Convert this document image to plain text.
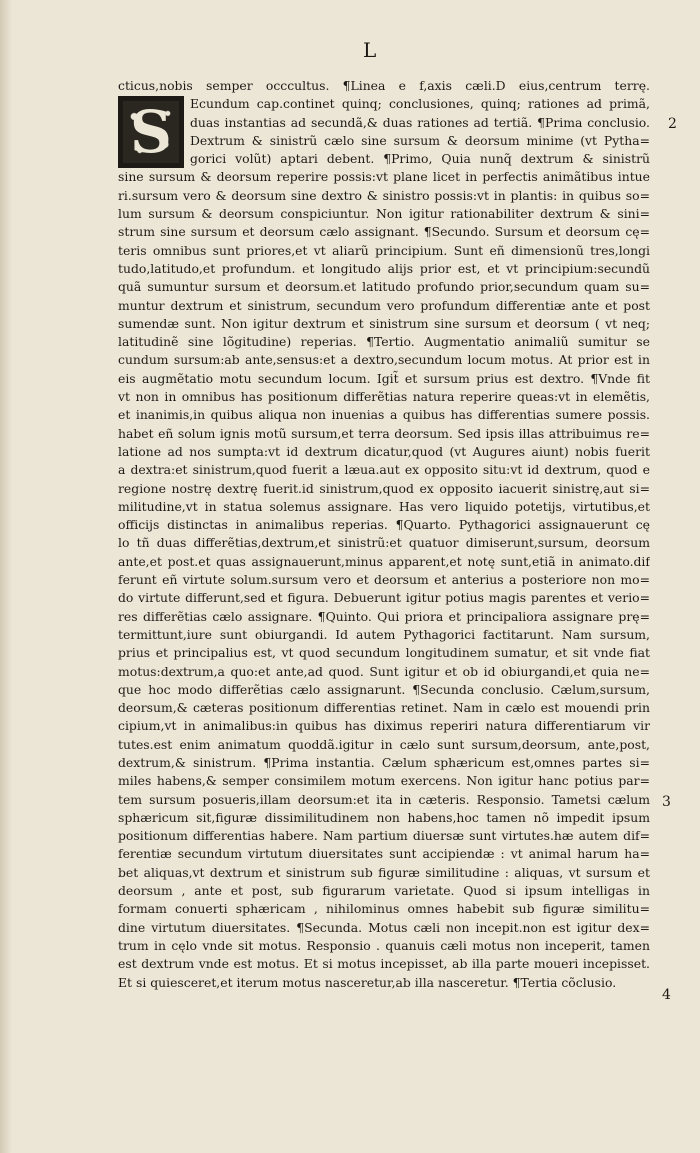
L
S
cticus,nobis semper occcultus. ¶Linea e f,axis cæli.D eius,centrum terrę.
Ecundum cap.continet quinq; conclusiones, quinq; rationes ad primã,
duas instantias ad secundã,& duas rationes ad tertiã. ¶Prima conclusio.
Dextrum & sinistrũ cælo sine sursum & deorsum minime (vt Pytha=
gorici volũt) aptari debent. ¶Primo, Quia nunq̃ dextrum & sinistrũ
sine sursum & deorsum reperire possis:vt plane licet in perfectis animãtibus intue
ri.sursum vero & deorsum sine dextro & sinistro possis:vt in plantis: in quibus so=
lum sursum & deorsum conspiciuntur. Non igitur rationabiliter dextrum & sini=
strum sine sursum et deorsum cælo assignant. ¶Secundo. Sursum et deorsum cę=
teris omnibus sunt priores,et vt aliarũ principium. Sunt eñ dimensionũ tres,longi
tudo,latitudo,et profundum. et longitudo alijs prior est, et vt principium:secundũ
quã sumuntur sursum et deorsum.et latitudo profundo prior,secundum quam su=
muntur dextrum et sinistrum, secundum vero profundum differentiæ ante et post
sumendæ sunt. Non igitur dextrum et sinistrum sine sursum et deorsum ( vt neq;
latitudinẽ sine lõgitudine) reperias. ¶Tertio. Augmentatio animaliũ sumitur se
cundum sursum:ab ante,sensus:et a dextro,secundum locum motus. At prior est in
eis augmẽtatio motu secundum locum. Igit̃ et sursum prius est dextro. ¶Vnde fit
vt non in omnibus has positionum differẽtias natura reperire queas:vt in elemẽtis,
et inanimis,in quibus aliqua non inuenias a quibus has differentias sumere possis.
habet eñ solum ignis motũ sursum,et terra deorsum. Sed ipsis illas attribuimus re=
latione ad nos sumpta:vt id dextrum dicatur,quod (vt Augures aiunt) nobis fuerit
a dextra:et sinistrum,quod fuerit a læua.aut ex opposito situ:vt id dextrum, quod e
regione nostrę dextrę fuerit.id sinistrum,quod ex opposito iacuerit sinistrę,aut si=
militudine,vt in statua solemus assignare. Has vero liquido potetijs, virtutibus,et
officijs distinctas in animalibus reperias. ¶Quarto. Pythagorici assignauerunt cę
lo tñ duas differẽtias,dextrum,et sinistrũ:et quatuor dimiserunt,sursum, deorsum
ante,et post.et quas assignauerunt,minus apparent,et notę sunt,etiã in animato.dif
ferunt eñ virtute solum.sursum vero et deorsum et anterius a posteriore non mo=
do virtute differunt,sed et figura. Debuerunt igitur potius magis parentes et verio=
res differẽtias cælo assignare. ¶Quinto. Qui priora et principaliora assignare prę=
termittunt,iure sunt obiurgandi. Id autem Pythagorici factitarunt. Nam sursum,
prius et principalius est, vt quod secundum longitudinem sumatur, et sit vnde fiat
motus:dextrum,a quo:et ante,ad quod. Sunt igitur et ob id obiurgandi,et quia ne=
que hoc modo differẽtias cælo assignarunt. ¶Secunda conclusio. Cælum,sursum,
deorsum,& cæteras positionum differentias retinet. Nam in cælo est mouendi prin
cipium,vt in animalibus:in quibus has diximus reperiri natura differentiarum vir
tutes.est enim animatum quoddã.igitur in cælo sunt sursum,deorsum, ante,post,
dextrum,& sinistrum. ¶Prima instantia. Cælum sphæricum est,omnes partes si=
miles habens,& semper consimilem motum exercens. Non igitur hanc potius par=
tem sursum posueris,illam deorsum:et ita in cæteris. Responsio. Tametsi cælum
sphæricum sit,figuræ dissimilitudinem non habens,hoc tamen nõ impedit ipsum
positionum differentias habere. Nam partium diuersæ sunt virtutes.hæ autem dif=
ferentiæ secundum virtutum diuersitates sunt accipiendæ : vt animal harum ha=
bet aliquas,vt dextrum et sinistrum sub figuræ similitudine : aliquas, vt sursum et
deorsum , ante et post, sub figurarum varietate. Quod si ipsum intelligas in
formam conuerti sphæricam , nihilominus omnes habebit sub figuræ similitu=
dine virtutum diuersitates. ¶Secunda. Motus cæli non incepit.non est igitur dex=
trum in cęlo vnde sit motus. Responsio . quanuis cæli motus non inceperit, tamen
est dextrum vnde est motus. Et si motus incepisset, ab illa parte moueri incepisset.
Et si quiesceret,et iterum motus nasceretur,ab illa nasceretur. ¶Tertia cõclusio.
2
3
4
